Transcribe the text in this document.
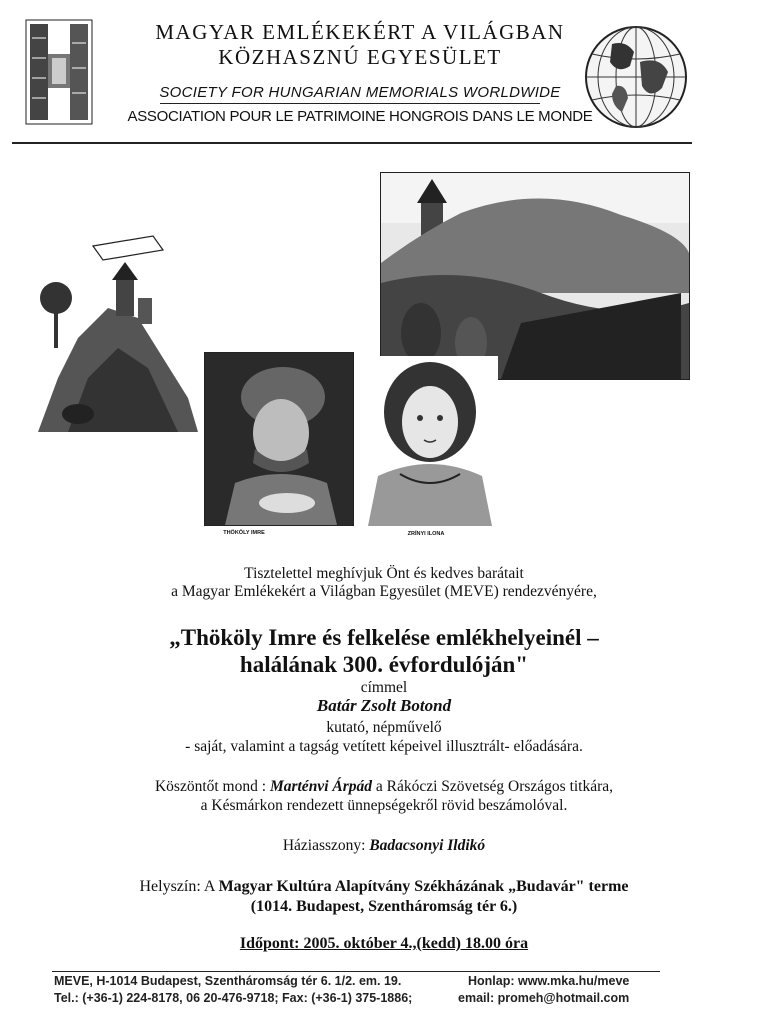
MAGYAR EMLÉKEKÉRT A VILÁGBAN
KÖZHASZNÚ EGYESÜLET
SOCIETY FOR HUNGARIAN MEMORIALS WORLDWIDE
ASSOCIATION POUR LE PATRIMOINE HONGROIS DANS LE MONDE
THÖKÖLY IMRE	ZRÍNYI ILONA
Tisztelettel meghívjuk Önt és kedves barátait
a Magyar Emlékekért a Világban Egyesület (MEVE) rendezvényére,
„Thököly Imre és felkelése emlékhelyeinél –
halálának 300. évfordulóján"
címmel
Batár Zsolt Botond
kutató, népművelő
- saját, valamint a tagság vetített képeivel illusztrált- előadására.
Köszöntőt mond : Marténvi Árpád a Rákóczi Szövetség Országos titkára,
a Késmárkon rendezett ünnepségekről rövid beszámolóval.
Háziasszony: Badacsonyi Ildikó
Helyszín: A Magyar Kultúra Alapítvány Székházának „Budavár" terme
(1014. Budapest, Szentháromság tér 6.)
Időpont: 2005. október 4.,(kedd) 18.00 óra
MEVE, H-1014 Budapest, Szentháromság tér 6. 1/2. em. 19.	Honlap: www.mka.hu/meve
Tel.: (+36-1) 224-8178, 06 20-476-9718; Fax: (+36-1) 375-1886;	email: promeh@hotmail.com
